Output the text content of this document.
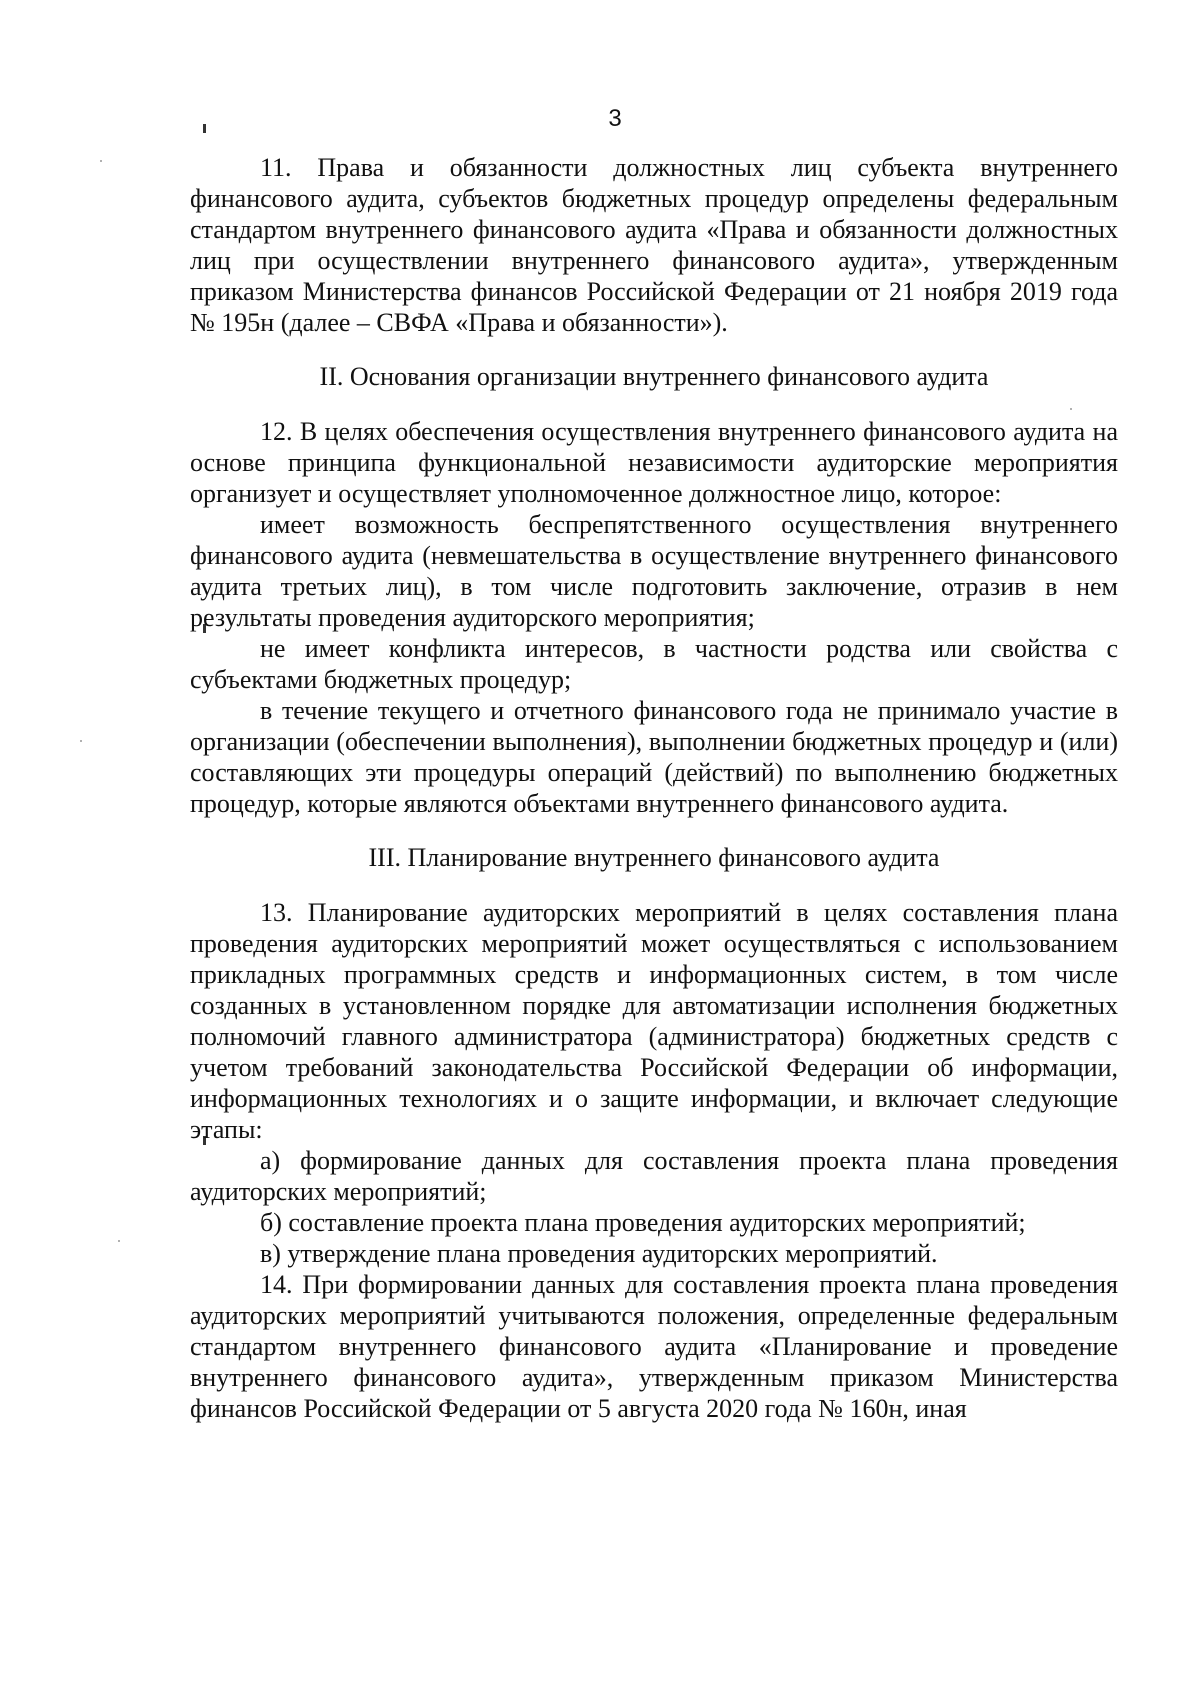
3

11. Права и обязанности должностных лиц субъекта внутреннего финансового аудита, субъектов бюджетных процедур определены федеральным стандартом внутреннего финансового аудита «Права и обязанности должностных лиц при осуществлении внутреннего финансового аудита», утвержденным приказом Министерства финансов Российской Федерации от 21 ноября 2019 года № 195н (далее – СВФА «Права и обязанности»).

II. Основания организации внутреннего финансового аудита

12. В целях обеспечения осуществления внутреннего финансового аудита на основе принципа функциональной независимости аудиторские мероприятия организует и осуществляет уполномоченное должностное лицо, которое:

имеет возможность беспрепятственного осуществления внутреннего финансового аудита (невмешательства в осуществление внутреннего финансового аудита третьих лиц), в том числе подготовить заключение, отразив в нем результаты проведения аудиторского мероприятия;

не имеет конфликта интересов, в частности родства или свойства с субъектами бюджетных процедур;

в течение текущего и отчетного финансового года не принимало участие в организации (обеспечении выполнения), выполнении бюджетных процедур и (или) составляющих эти процедуры операций (действий) по выполнению бюджетных процедур, которые являются объектами внутреннего финансового аудита.

III. Планирование внутреннего финансового аудита

13. Планирование аудиторских мероприятий в целях составления плана проведения аудиторских мероприятий может осуществляться с использованием прикладных программных средств и информационных систем, в том числе созданных в установленном порядке для автоматизации исполнения бюджетных полномочий главного администратора (администратора) бюджетных средств с учетом требований законодательства Российской Федерации об информации, информационных технологиях и о защите информации, и включает следующие этапы:

а) формирование данных для составления проекта плана проведения аудиторских мероприятий;

б) составление проекта плана проведения аудиторских мероприятий;

в) утверждение плана проведения аудиторских мероприятий.

14. При формировании данных для составления проекта плана проведения аудиторских мероприятий учитываются положения, определенные федеральным стандартом внутреннего финансового аудита «Планирование и проведение внутреннего финансового аудита», утвержденным приказом Министерства финансов Российской Федерации от 5 августа 2020 года № 160н, иная
